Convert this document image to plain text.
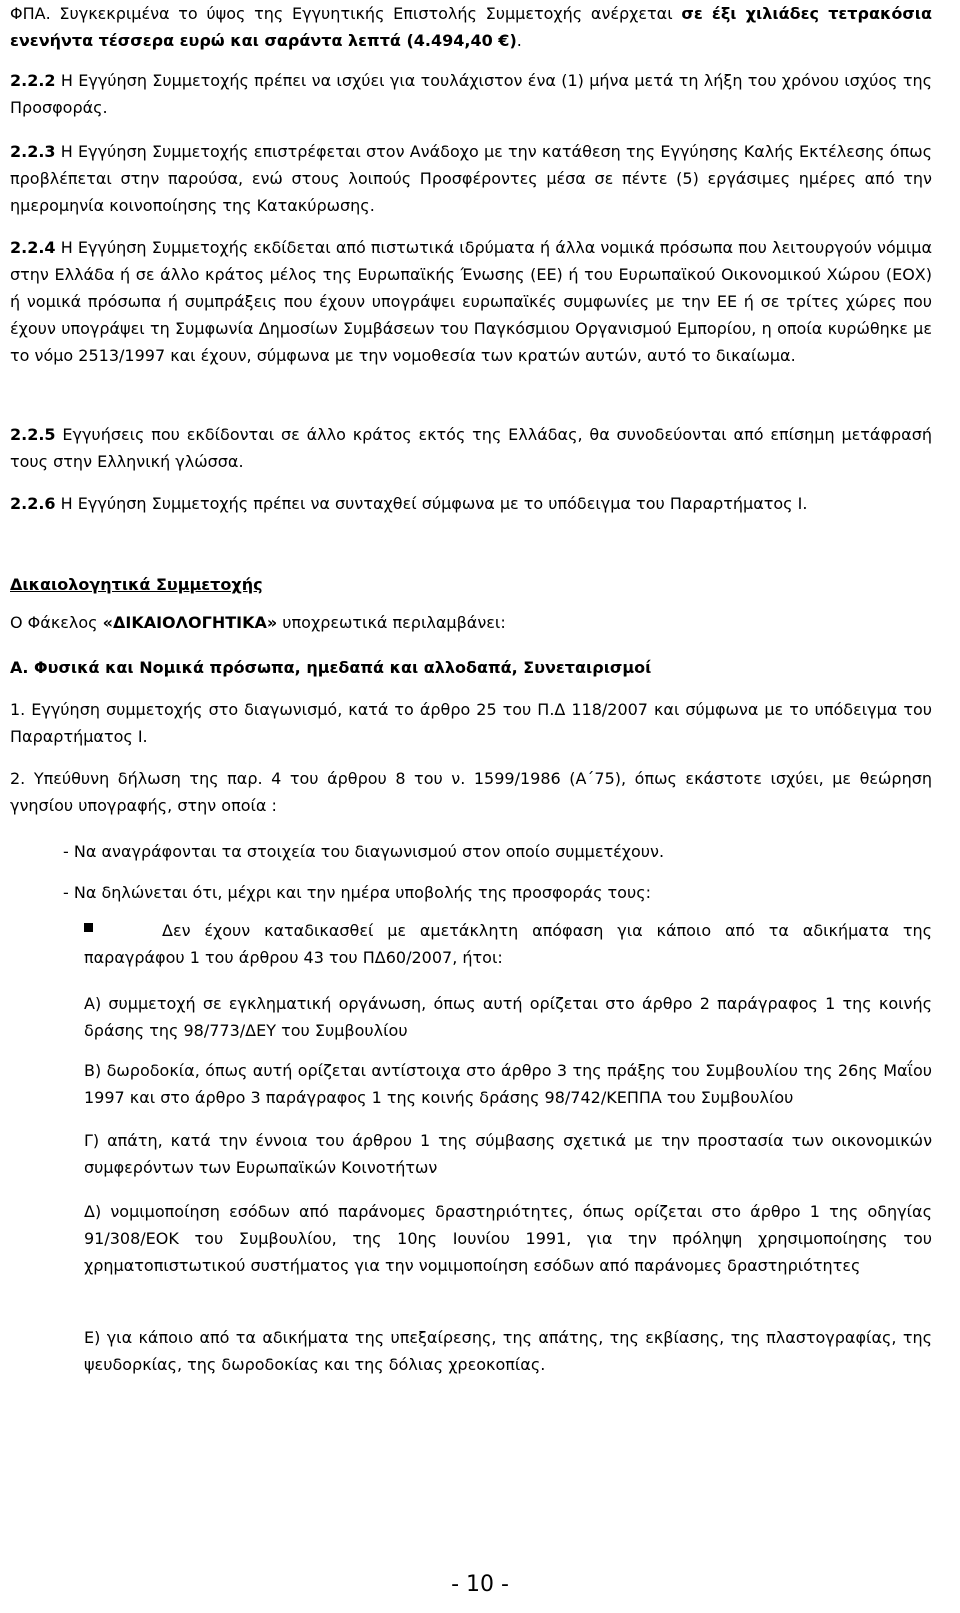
ΦΠΑ. Συγκεκριμένα το ύψος της Εγγυητικής Επιστολής Συμμετοχής ανέρχεται σε έξι χιλιάδες τετρακόσια ενενήντα τέσσερα ευρώ και σαράντα λεπτά (4.494,40 €).

2.2.2 Η Εγγύηση Συμμετοχής πρέπει να ισχύει για τουλάχιστον ένα (1) μήνα μετά τη λήξη του χρόνου ισχύος της Προσφοράς.

2.2.3 Η Εγγύηση Συμμετοχής επιστρέφεται στον Ανάδοχο με την κατάθεση της Εγγύησης Καλής Εκτέλεσης όπως προβλέπεται στην παρούσα, ενώ στους λοιπούς Προσφέροντες μέσα σε πέντε (5) εργάσιμες ημέρες από την ημερομηνία κοινοποίησης της Κατακύρωσης.

2.2.4 Η Εγγύηση Συμμετοχής εκδίδεται από πιστωτικά ιδρύματα ή άλλα νομικά πρόσωπα που λειτουργούν νόμιμα στην Ελλάδα ή σε άλλο κράτος μέλος της Ευρωπαϊκής Ένωσης (ΕΕ) ή του Ευρωπαϊκού Οικονομικού Χώρου (ΕΟΧ) ή νομικά πρόσωπα ή συμπράξεις που έχουν υπογράψει ευρωπαϊκές συμφωνίες με την ΕΕ ή σε τρίτες χώρες που έχουν υπογράψει τη Συμφωνία Δημοσίων Συμβάσεων του Παγκόσμιου Οργανισμού Εμπορίου, η οποία κυρώθηκε με το νόμο 2513/1997 και έχουν, σύμφωνα με την νομοθεσία των κρατών αυτών, αυτό το δικαίωμα.

2.2.5 Εγγυήσεις που εκδίδονται σε άλλο κράτος εκτός της Ελλάδας, θα συνοδεύονται από επίσημη μετάφρασή τους στην Ελληνική γλώσσα.

2.2.6 Η Εγγύηση Συμμετοχής πρέπει να συνταχθεί σύμφωνα με το υπόδειγμα του Παραρτήματος Ι.

Δικαιολογητικά Συμμετοχής

Ο Φάκελος «ΔΙΚΑΙΟΛΟΓΗΤΙΚΑ» υποχρεωτικά περιλαμβάνει:

Α. Φυσικά και Νομικά πρόσωπα, ημεδαπά και αλλοδαπά, Συνεταιρισμοί

1. Εγγύηση συμμετοχής στο διαγωνισμό, κατά το άρθρο 25 του Π.Δ 118/2007 και σύμφωνα με το υπόδειγμα του Παραρτήματος Ι.

2. Υπεύθυνη δήλωση της παρ. 4 του άρθρου 8 του ν. 1599/1986 (Α΄75), όπως εκάστοτε ισχύει, με θεώρηση γνησίου υπογραφής, στην οποία :

- Να αναγράφονται τα στοιχεία του διαγωνισμού στον οποίο συμμετέχουν.

- Να δηλώνεται ότι, μέχρι και την ημέρα υποβολής της προσφοράς τους:

Δεν έχουν καταδικασθεί με αμετάκλητη απόφαση για κάποιο από τα αδικήματα της παραγράφου 1 του άρθρου 43 του ΠΔ60/2007, ήτοι:

Α) συμμετοχή σε εγκληματική οργάνωση, όπως αυτή ορίζεται στο άρθρο 2 παράγραφος 1 της κοινής δράσης της 98/773/ΔΕΥ του Συμβουλίου

Β) δωροδοκία, όπως αυτή ορίζεται αντίστοιχα στο άρθρο 3 της πράξης του Συμβουλίου της 26ης Μαΐου 1997 και στο άρθρο 3 παράγραφος 1 της κοινής δράσης 98/742/ΚΕΠΠΑ του Συμβουλίου

Γ) απάτη, κατά την έννοια του άρθρου 1 της σύμβασης σχετικά με την προστασία των οικονομικών συμφερόντων των Ευρωπαϊκών Κοινοτήτων

Δ) νομιμοποίηση εσόδων από παράνομες δραστηριότητες, όπως ορίζεται στο άρθρο 1 της οδηγίας 91/308/ΕΟΚ του Συμβουλίου, της 10ης Ιουνίου 1991, για την πρόληψη χρησιμοποίησης του χρηματοπιστωτικού συστήματος για την νομιμοποίηση εσόδων από παράνομες δραστηριότητες

Ε) για κάποιο από τα αδικήματα της υπεξαίρεσης, της απάτης, της εκβίασης, της πλαστογραφίας, της ψευδορκίας, της δωροδοκίας και της δόλιας χρεοκοπίας.

- 10 -
